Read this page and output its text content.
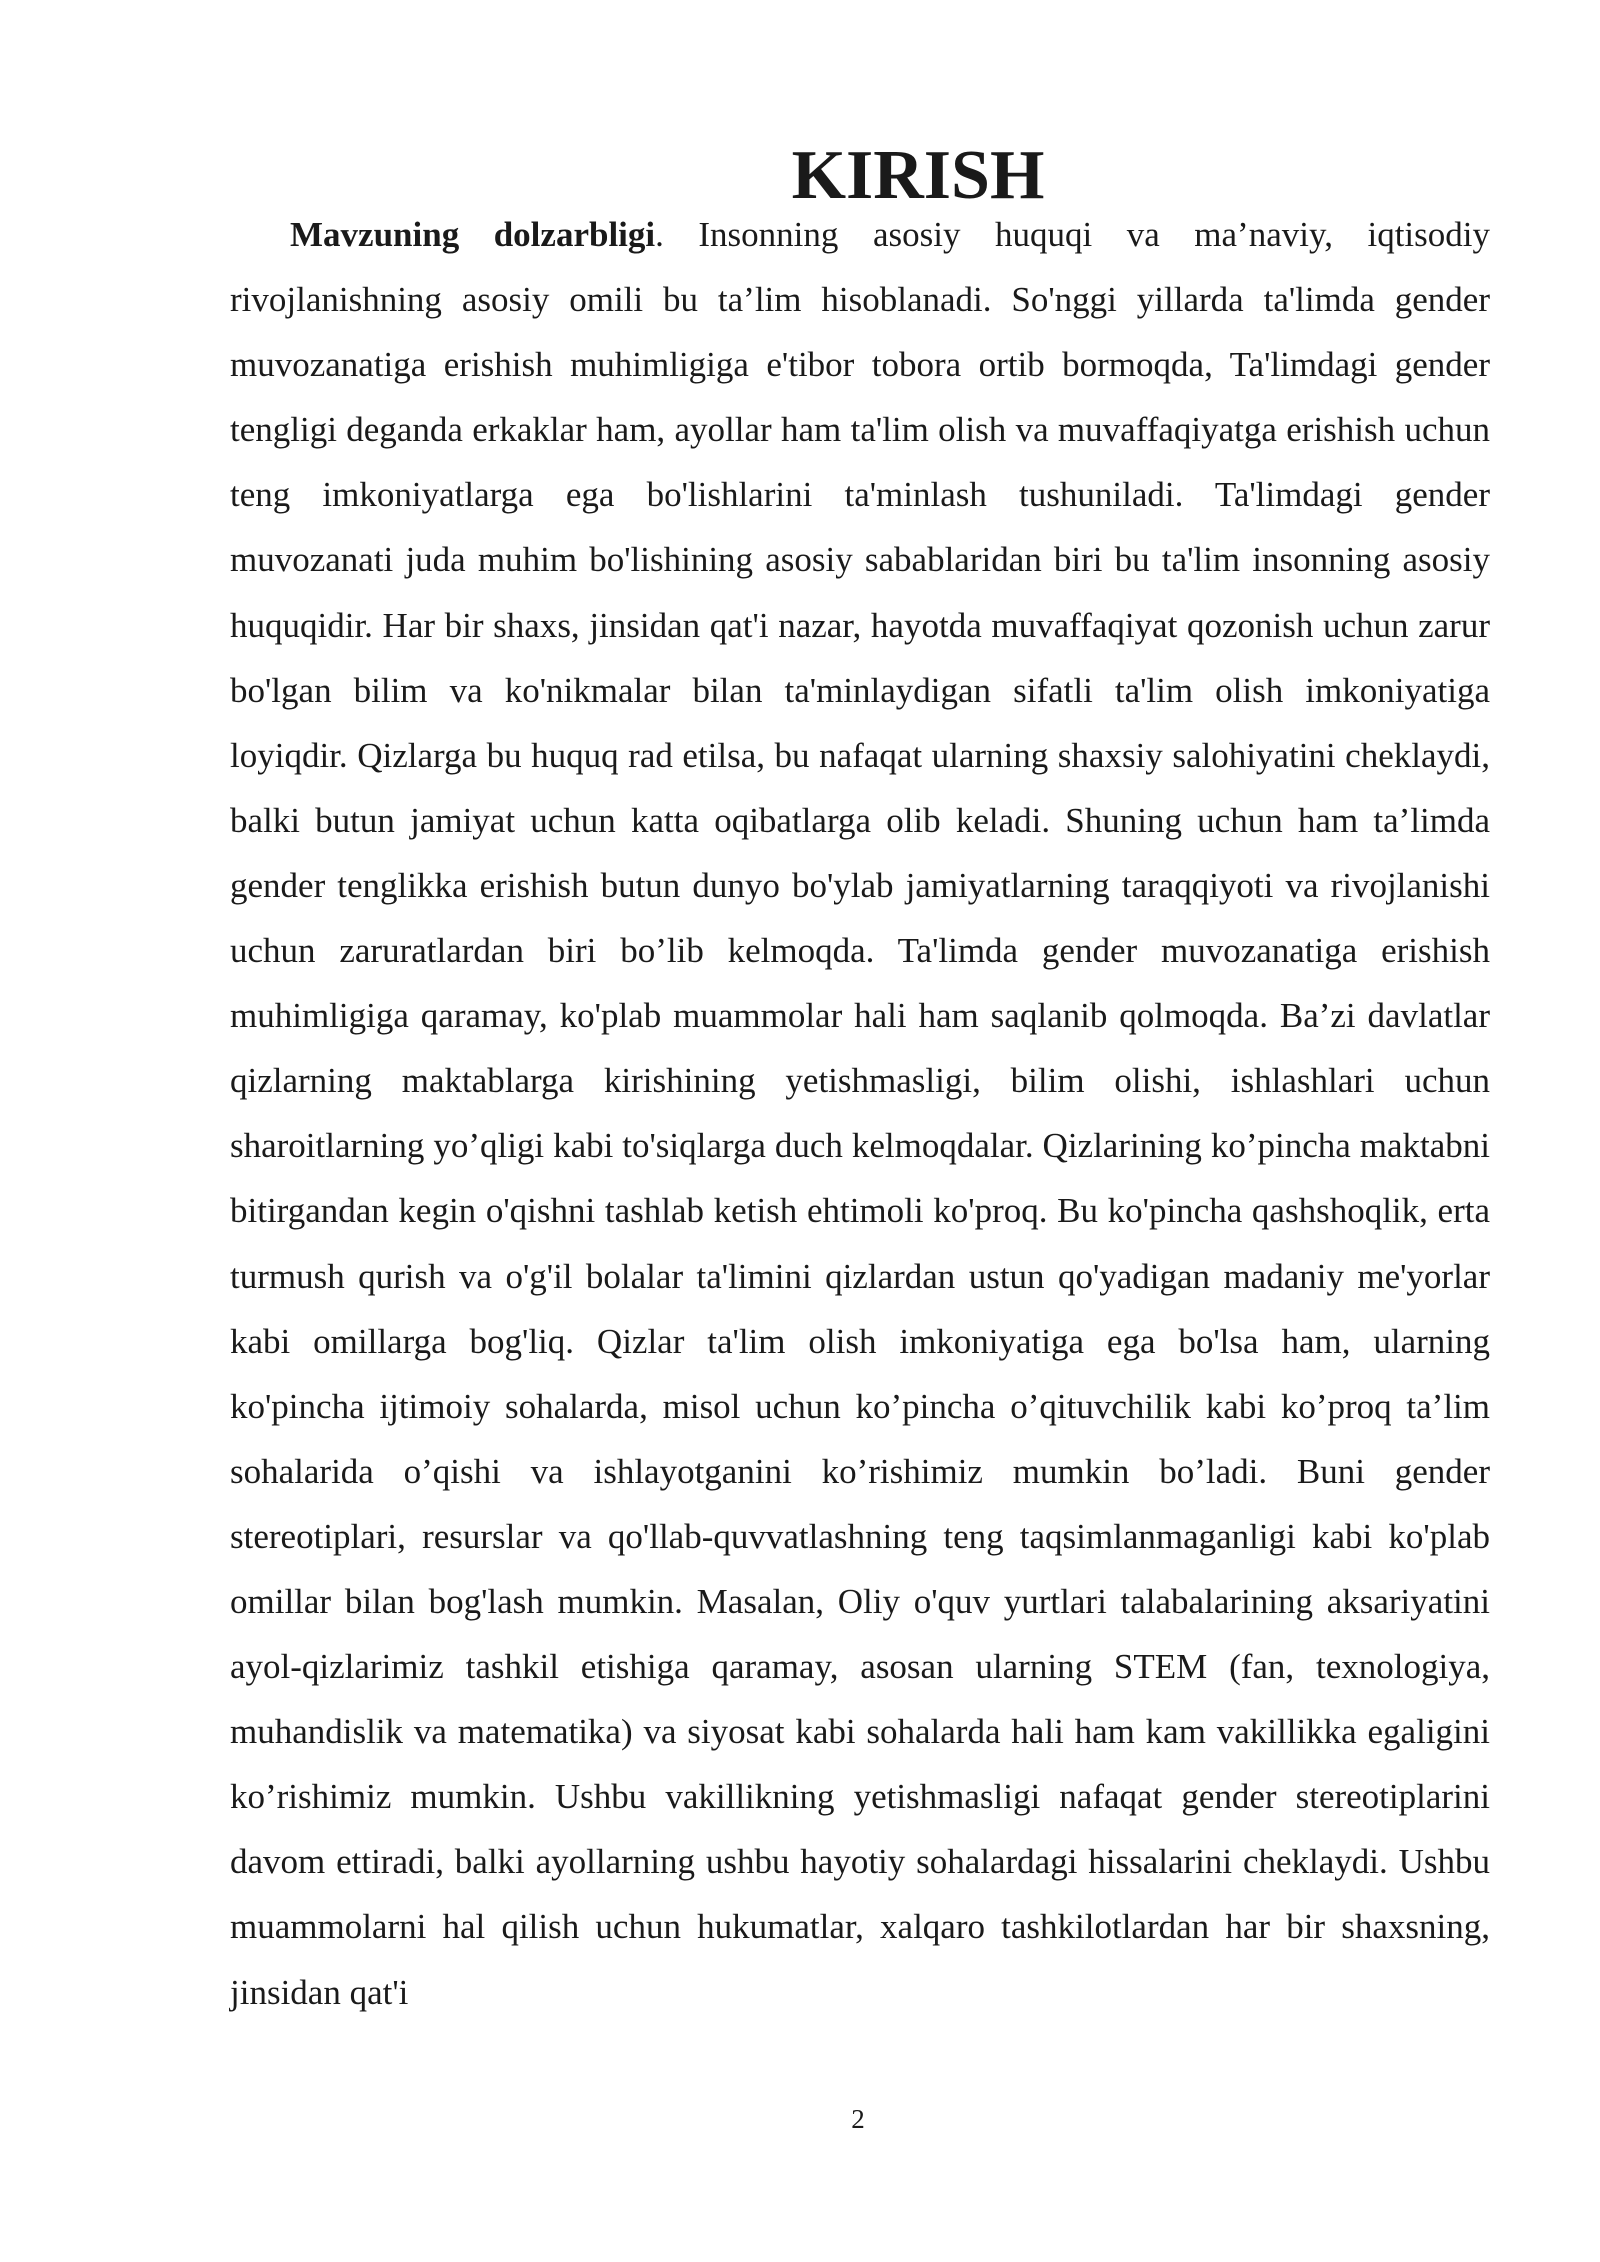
KIRISH

Mavzuning dolzarbligi. Insonning asosiy huquqi va ma’naviy, iqtisodiy rivojlanishning asosiy omili bu ta’lim hisoblanadi. So'nggi yillarda ta'limda gender muvozanatiga erishish muhimligiga e'tibor tobora ortib bormoqda, Ta'limdagi gender tengligi deganda erkaklar ham, ayollar ham ta'lim olish va muvaffaqiyatga erishish uchun teng imkoniyatlarga ega bo'lishlarini ta'minlash tushuniladi. Ta'limdagi gender muvozanati juda muhim bo'lishining asosiy sabablaridan biri bu ta'lim insonning asosiy huquqidir. Har bir shaxs, jinsidan qat'i nazar, hayotda muvaffaqiyat qozonish uchun zarur bo'lgan bilim va ko'nikmalar bilan ta'minlaydigan sifatli ta'lim olish imkoniyatiga loyiqdir. Qizlarga bu huquq rad etilsa, bu nafaqat ularning shaxsiy salohiyatini cheklaydi, balki butun jamiyat uchun katta oqibatlarga olib keladi. Shuning uchun ham ta’limda gender tenglikka erishish butun dunyo bo'ylab jamiyatlarning taraqqiyoti va rivojlanishi uchun zaruratlardan biri bo’lib kelmoqda. Ta'limda gender muvozanatiga erishish muhimligiga qaramay, ko'plab muammolar hali ham saqlanib qolmoqda. Ba’zi davlatlar qizlarning maktablarga kirishining yetishmasligi, bilim olishi, ishlashlari uchun sharoitlarning yo’qligi kabi to'siqlarga duch kelmoqdalar. Qizlarining ko’pincha maktabni bitirgandan kegin o'qishni tashlab ketish ehtimoli ko'proq. Bu ko'pincha qashshoqlik, erta turmush qurish va o'g'il bolalar ta'limini qizlardan ustun qo'yadigan madaniy me'yorlar kabi omillarga bog'liq. Qizlar ta'lim olish imkoniyatiga ega bo'lsa ham, ularning ko'pincha ijtimoiy sohalarda, misol uchun ko’pincha o’qituvchilik kabi ko’proq ta’lim sohalarida o’qishi va ishlayotganini ko’rishimiz mumkin bo’ladi. Buni gender stereotiplari, resurslar va qo'llab-quvvatlashning teng taqsimlanmaganligi kabi ko'plab omillar bilan bog'lash mumkin. Masalan, Oliy o'quv yurtlari talabalarining aksariyatini ayol-qizlarimiz tashkil etishiga qaramay, asosan ularning STEM (fan, texnologiya, muhandislik va matematika) va siyosat kabi sohalarda hali ham kam vakillikka egaligini ko’rishimiz mumkin. Ushbu vakillikning yetishmasligi nafaqat gender stereotiplarini davom ettiradi, balki ayollarning ushbu hayotiy sohalardagi hissalarini cheklaydi. Ushbu muammolarni hal qilish uchun hukumatlar, xalqaro tashkilotlardan har bir shaxsning, jinsidan qat'i

2
